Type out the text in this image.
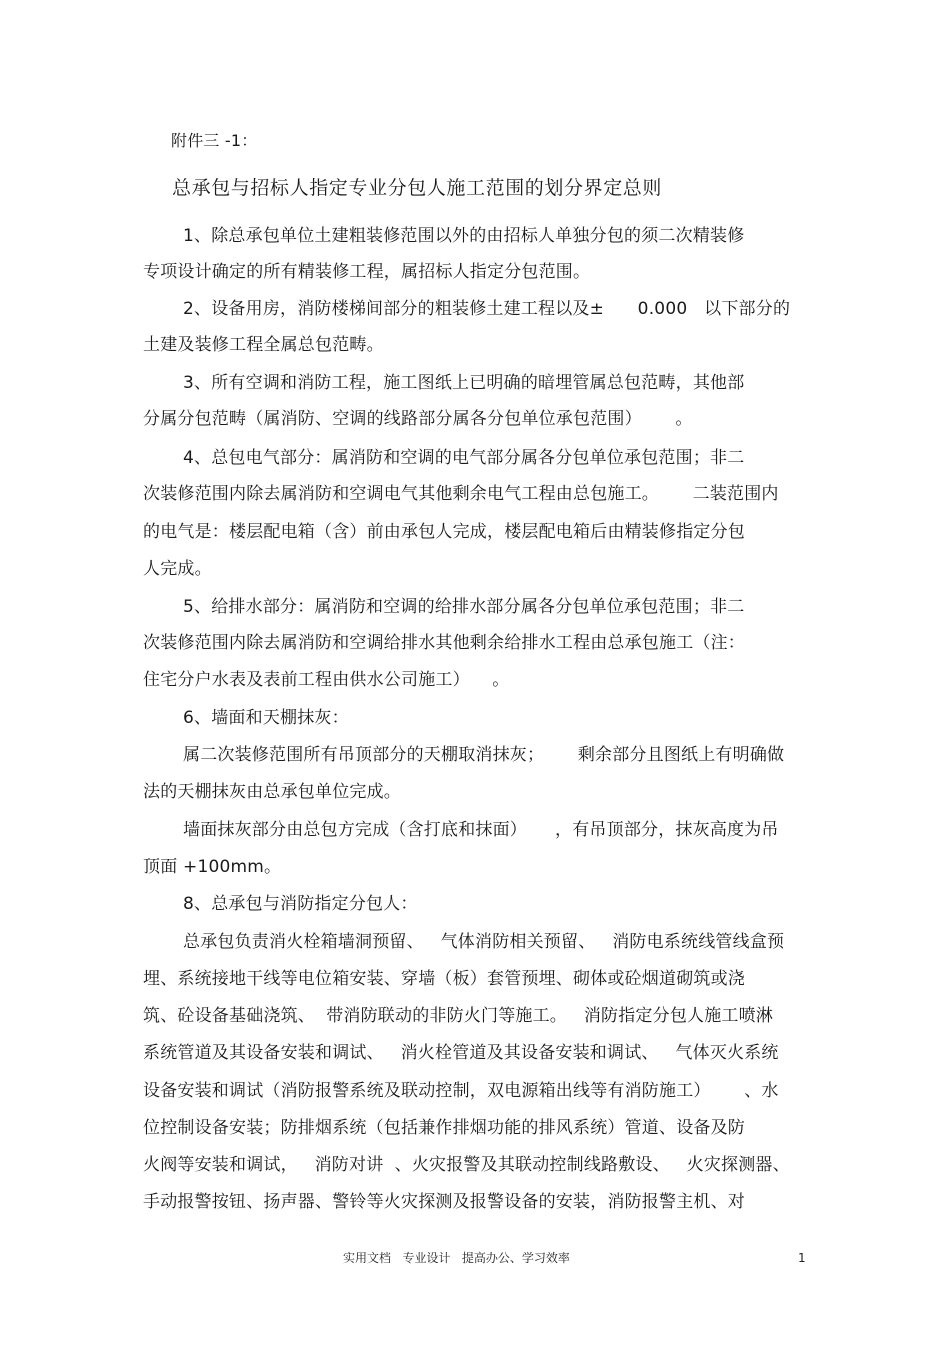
附件三 -1：
总承包与招标人指定专业分包人施工范围的划分界定总则
1、除总承包单位土建粗装修范围以外的由招标人单独分包的须二次精装修
专项设计确定的所有精装修工程，属招标人指定分包范围。
2、设备用房，消防楼梯间部分的粗装修土建工程以及±      0.000   以下部分的
土建及装修工程全属总包范畴。
3、所有空调和消防工程，施工图纸上已明确的暗埋管属总包范畴，其他部
分属分包范畴（属消防、空调的线路部分属各分包单位承包范围）      。
4、总包电气部分：属消防和空调的电气部分属各分包单位承包范围；非二
次装修范围内除去属消防和空调电气其他剩余电气工程由总包施工。      二装范围内
的电气是：楼层配电箱（含）前由承包人完成，楼层配电箱后由精装修指定分包
人完成。
5、给排水部分：属消防和空调的给排水部分属各分包单位承包范围；非二
次装修范围内除去属消防和空调给排水其他剩余给排水工程由总承包施工（注：
住宅分户水表及表前工程由供水公司施工）    。
6、墙面和天棚抹灰：
属二次装修范围所有吊顶部分的天棚取消抹灰；      剩余部分且图纸上有明确做
法的天棚抹灰由总承包单位完成。
墙面抹灰部分由总包方完成（含打底和抹面）     ，有吊顶部分，抹灰高度为吊
顶面 +100mm。
8、总承包与消防指定分包人：
总承包负责消火栓箱墙洞预留、   气体消防相关预留、   消防电系统线管线盒预
埋、系统接地干线等电位箱安装、穿墙（板）套管预埋、砌体或砼烟道砌筑或浇
筑、砼设备基础浇筑、  带消防联动的非防火门等施工。   消防指定分包人施工喷淋
系统管道及其设备安装和调试、   消火栓管道及其设备安装和调试、   气体灭火系统
设备安装和调试（消防报警系统及联动控制，双电源箱出线等有消防施工）      、水
位控制设备安装；防排烟系统（包括兼作排烟功能的排风系统）管道、设备及防
火阀等安装和调试，   消防对讲  、火灾报警及其联动控制线路敷设、   火灾探测器、
手动报警按钮、扬声器、警铃等火灾探测及报警设备的安装，消防报警主机、对
实用文档   专业设计   提高办公、学习效率	1
